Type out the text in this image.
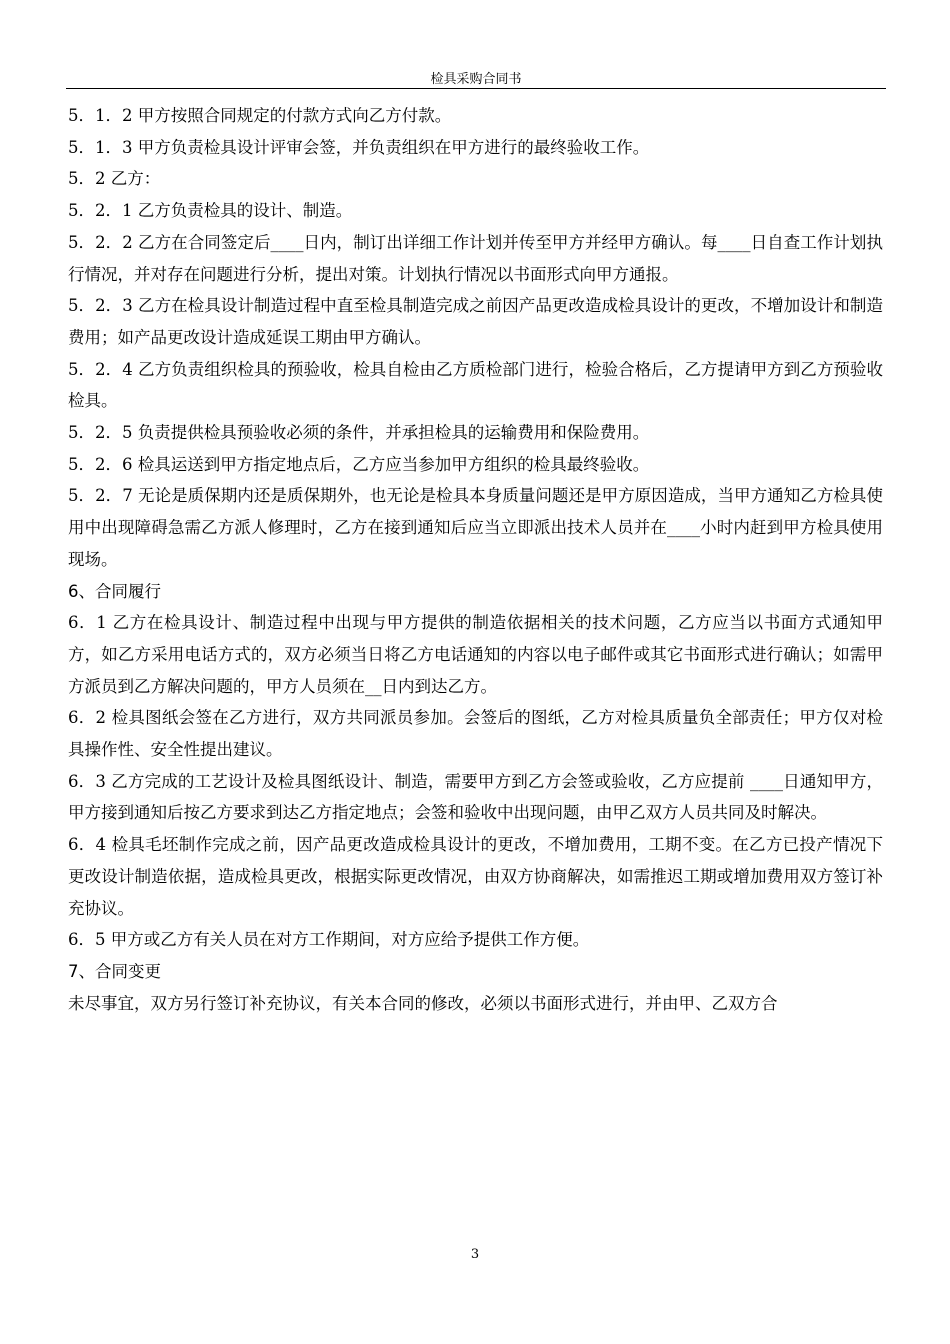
检具采购合同书

5．1．2 甲方按照合同规定的付款方式向乙方付款。

5．1．3 甲方负责检具设计评审会签，并负责组织在甲方进行的最终验收工作。

5．2 乙方：

5．2．1 乙方负责检具的设计、制造。

5．2．2 乙方在合同签定后____日内，制订出详细工作计划并传至甲方并经甲方确认。每____日自查工作计划执行情况，并对存在问题进行分析，提出对策。计划执行情况以书面形式向甲方通报。

5．2．3 乙方在检具设计制造过程中直至检具制造完成之前因产品更改造成检具设计的更改，不增加设计和制造费用；如产品更改设计造成延误工期由甲方确认。

5．2．4 乙方负责组织检具的预验收，检具自检由乙方质检部门进行，检验合格后，乙方提请甲方到乙方预验收检具。

5．2．5 负责提供检具预验收必须的条件，并承担检具的运输费用和保险费用。

5．2．6 检具运送到甲方指定地点后，乙方应当参加甲方组织的检具最终验收。

5．2．7 无论是质保期内还是质保期外，也无论是检具本身质量问题还是甲方原因造成，当甲方通知乙方检具使用中出现障碍急需乙方派人修理时，乙方在接到通知后应当立即派出技术人员并在____小时内赶到甲方检具使用现场。

6、合同履行

6．1 乙方在检具设计、制造过程中出现与甲方提供的制造依据相关的技术问题，乙方应当以书面方式通知甲方，如乙方采用电话方式的，双方必须当日将乙方电话通知的内容以电子邮件或其它书面形式进行确认；如需甲方派员到乙方解决问题的，甲方人员须在__日内到达乙方。

6．2 检具图纸会签在乙方进行，双方共同派员参加。会签后的图纸，乙方对检具质量负全部责任；甲方仅对检具操作性、安全性提出建议。

6．3 乙方完成的工艺设计及检具图纸设计、制造，需要甲方到乙方会签或验收，乙方应提前 ____日通知甲方，甲方接到通知后按乙方要求到达乙方指定地点；会签和验收中出现问题，由甲乙双方人员共同及时解决。

6．4 检具毛坯制作完成之前，因产品更改造成检具设计的更改，不增加费用，工期不变。在乙方已投产情况下更改设计制造依据，造成检具更改，根据实际更改情况，由双方协商解决，如需推迟工期或增加费用双方签订补充协议。

6．5 甲方或乙方有关人员在对方工作期间，对方应给予提供工作方便。

7、合同变更

未尽事宜，双方另行签订补充协议，有关本合同的修改，必须以书面形式进行，并由甲、乙双方合

3
